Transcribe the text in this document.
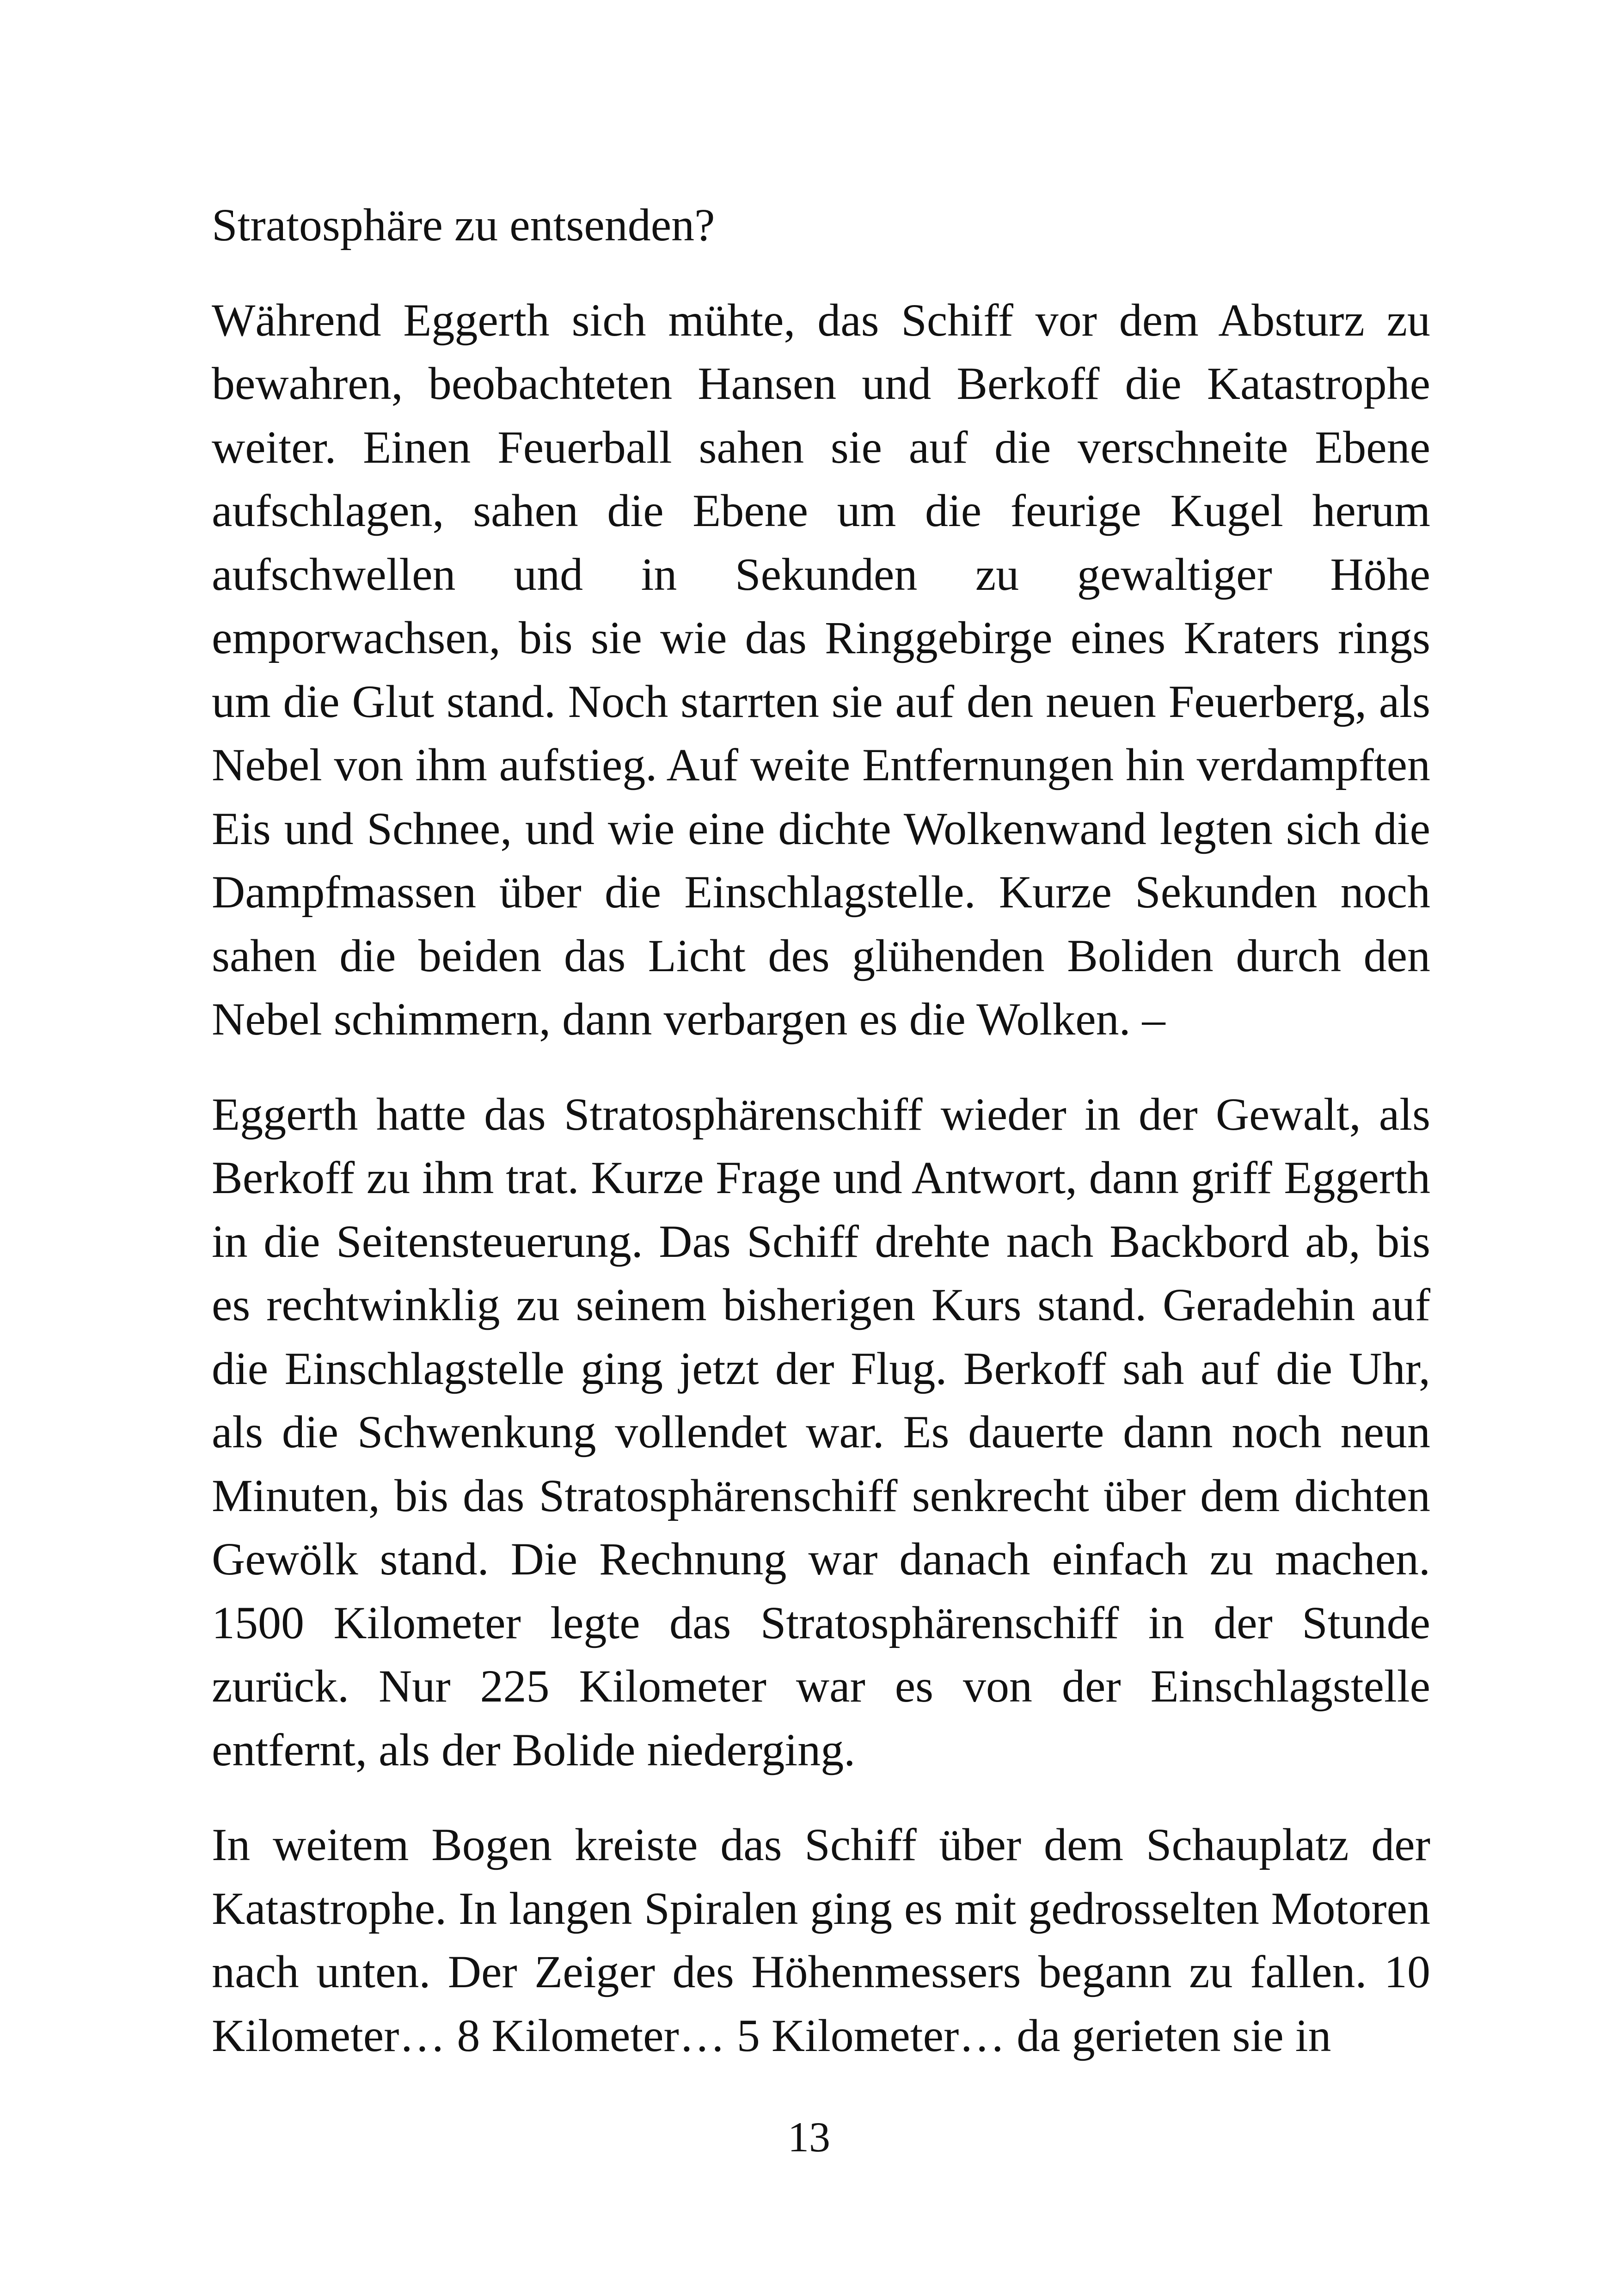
Stratosphäre zu entsenden?

Während Eggerth sich mühte, das Schiff vor dem Absturz zu bewahren, beobachteten Hansen und Berkoff die Katastrophe weiter. Einen Feuerball sahen sie auf die verschneite Ebene aufschlagen, sahen die Ebene um die feurige Kugel herum aufschwellen und in Sekunden zu gewaltiger Höhe emporwachsen, bis sie wie das Ringgebirge eines Kraters rings um die Glut stand. Noch starrten sie auf den neuen Feuerberg, als Nebel von ihm aufstieg. Auf weite Entfernungen hin verdampften Eis und Schnee, und wie eine dichte Wolkenwand legten sich die Dampfmassen über die Einschlagstelle. Kurze Sekunden noch sahen die beiden das Licht des glühenden Boliden durch den Nebel schimmern, dann verbargen es die Wolken. –

Eggerth hatte das Stratosphärenschiff wieder in der Gewalt, als Berkoff zu ihm trat. Kurze Frage und Antwort, dann griff Eggerth in die Seitensteuerung. Das Schiff drehte nach Backbord ab, bis es rechtwinklig zu seinem bisherigen Kurs stand. Geradehin auf die Einschlagstelle ging jetzt der Flug. Berkoff sah auf die Uhr, als die Schwenkung vollendet war. Es dauerte dann noch neun Minuten, bis das Stratosphärenschiff senkrecht über dem dichten Gewölk stand. Die Rechnung war danach einfach zu machen. 1500 Kilometer legte das Stratosphärenschiff in der Stunde zurück. Nur 225 Kilometer war es von der Einschlagstelle entfernt, als der Bolide niederging.

In weitem Bogen kreiste das Schiff über dem Schauplatz der Katastrophe. In langen Spiralen ging es mit gedrosselten Motoren nach unten. Der Zeiger des Höhenmessers begann zu fallen. 10 Kilometer… 8 Kilometer… 5 Kilometer… da gerieten sie in

13
